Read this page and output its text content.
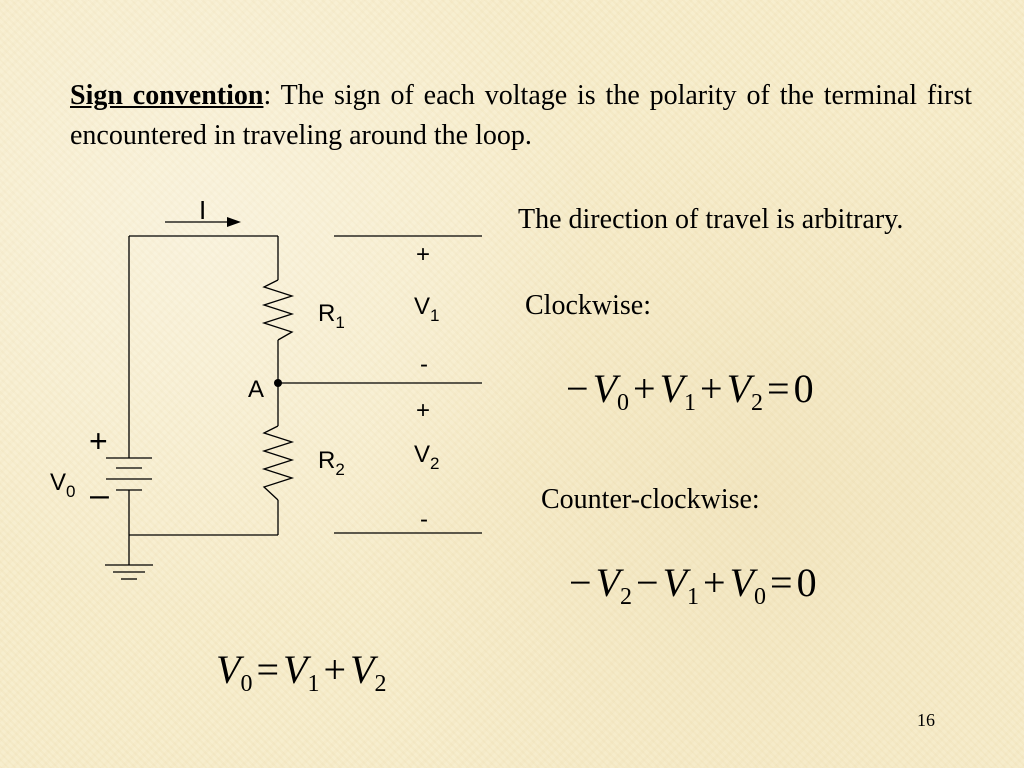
Sign convention: The sign of each voltage is the polarity of the terminal first encountered in traveling around the loop.
The direction of travel is arbitrary.
I
A
$R_1$
$R_2$
$V_1$
$V_2$
+
-
+
-
+
–
$V_0$
Clockwise:
− $V_0 + V_1 + V_2 = 0$
Counter-clockwise:
− $V_2 - V_1 + V_0 = 0$
$V_0 = V_1 + V_2$
16
